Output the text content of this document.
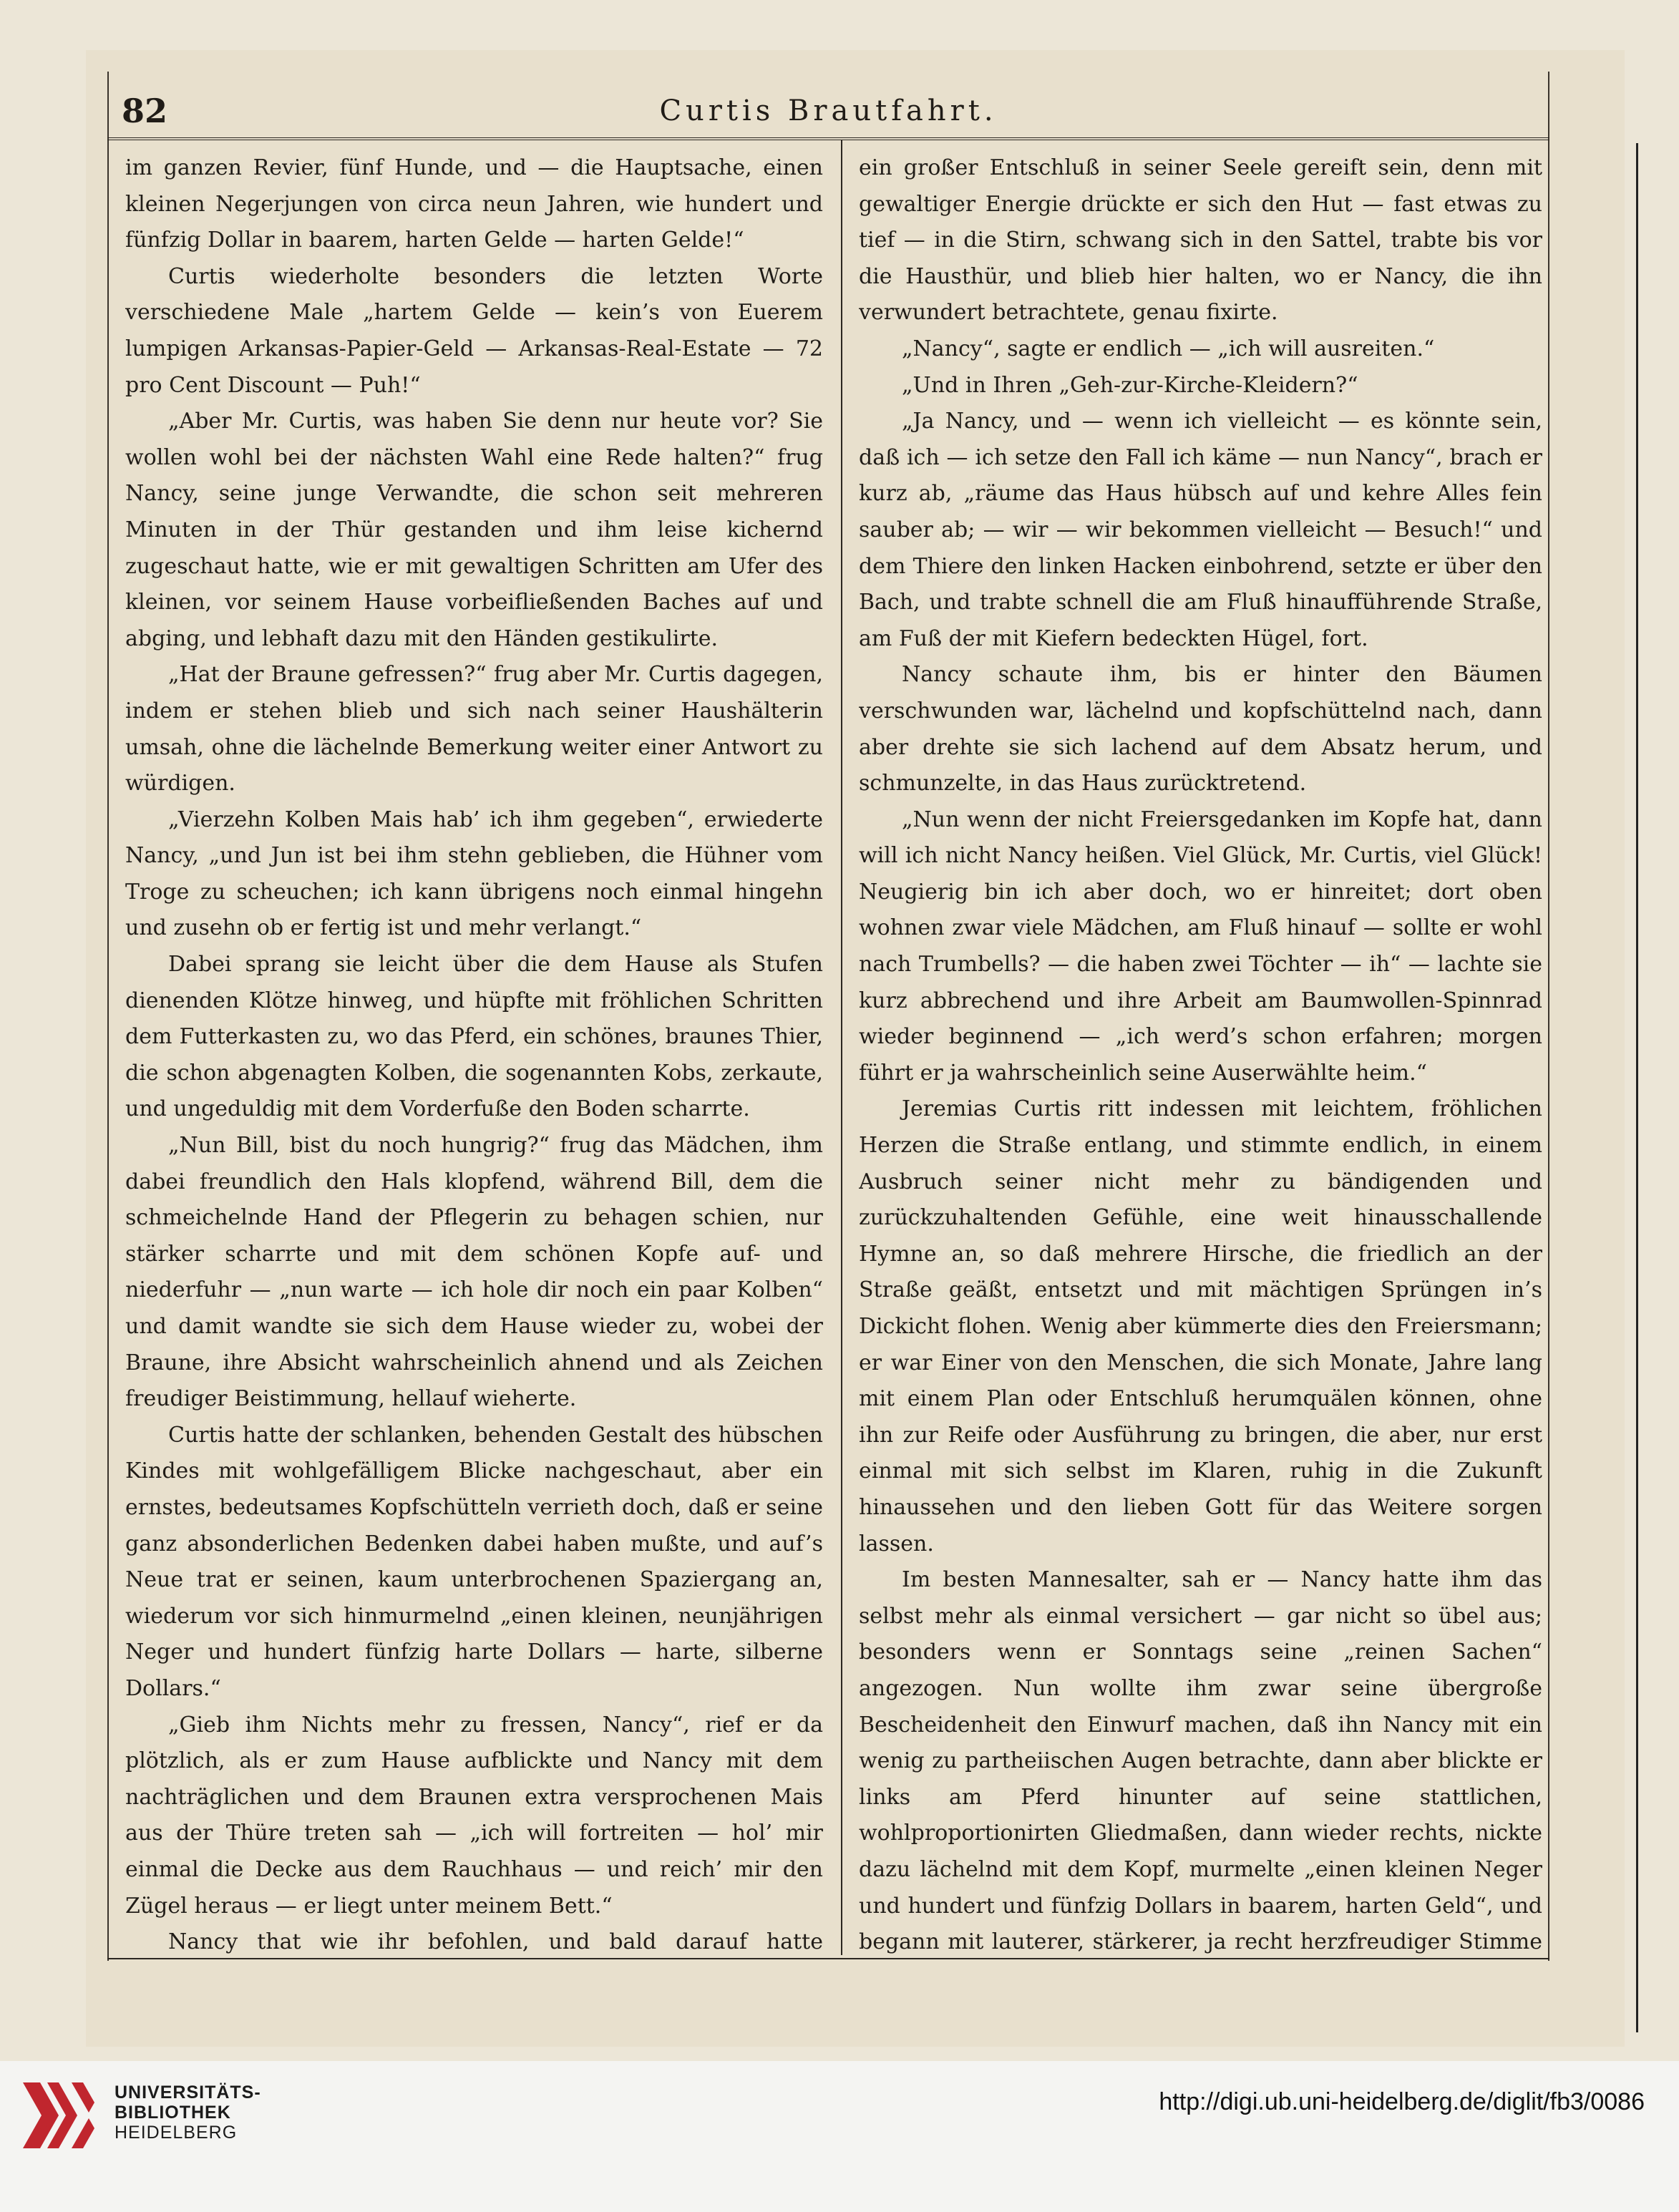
82	Curtis Brautfahrt.

im ganzen Revier, fünf Hunde, und — die Hauptsache, einen kleinen Negerjungen von circa neun Jahren, wie hundert und fünfzig Dollar in baarem, harten Gelde — harten Gelde!“

Curtis wiederholte besonders die letzten Worte verschiedene Male „hartem Gelde — kein’s von Euerem lumpigen Arkansas-Papier-Geld — Arkansas-Real-Estate — 72 pro Cent Discount — Puh!“

„Aber Mr. Curtis, was haben Sie denn nur heute vor? Sie wollen wohl bei der nächsten Wahl eine Rede halten?“ frug Nancy, seine junge Verwandte, die schon seit mehreren Minuten in der Thür gestanden und ihm leise kichernd zugeschaut hatte, wie er mit gewaltigen Schritten am Ufer des kleinen, vor seinem Hause vorbeifließenden Baches auf und abging, und lebhaft dazu mit den Händen gestikulirte.

„Hat der Braune gefressen?“ frug aber Mr. Curtis dagegen, indem er stehen blieb und sich nach seiner Haushälterin umsah, ohne die lächelnde Bemerkung weiter einer Antwort zu würdigen.

„Vierzehn Kolben Mais hab’ ich ihm gegeben“, erwiederte Nancy, „und Jun ist bei ihm stehn geblieben, die Hühner vom Troge zu scheuchen; ich kann übrigens noch einmal hingehn und zusehn ob er fertig ist und mehr verlangt.“

Dabei sprang sie leicht über die dem Hause als Stufen dienenden Klötze hinweg, und hüpfte mit fröhlichen Schritten dem Futterkasten zu, wo das Pferd, ein schönes, braunes Thier, die schon abgenagten Kolben, die sogenannten Kobs, zerkaute, und ungeduldig mit dem Vorderfuße den Boden scharrte.

„Nun Bill, bist du noch hungrig?“ frug das Mädchen, ihm dabei freundlich den Hals klopfend, während Bill, dem die schmeichelnde Hand der Pflegerin zu behagen schien, nur stärker scharrte und mit dem schönen Kopfe auf- und niederfuhr — „nun warte — ich hole dir noch ein paar Kolben“ und damit wandte sie sich dem Hause wieder zu, wobei der Braune, ihre Absicht wahrscheinlich ahnend und als Zeichen freudiger Beistimmung, hellauf wieherte.

Curtis hatte der schlanken, behenden Gestalt des hübschen Kindes mit wohlgefälligem Blicke nachgeschaut, aber ein ernstes, bedeutsames Kopfschütteln verrieth doch, daß er seine ganz absonderlichen Bedenken dabei haben mußte, und auf’s Neue trat er seinen, kaum unterbrochenen Spaziergang an, wiederum vor sich hinmurmelnd „einen kleinen, neunjährigen Neger und hundert fünfzig harte Dollars — harte, silberne Dollars.“

„Gieb ihm Nichts mehr zu fressen, Nancy“, rief er da plötzlich, als er zum Hause aufblickte und Nancy mit dem nachträglichen und dem Braunen extra versprochenen Mais aus der Thüre treten sah — „ich will fortreiten — hol’ mir einmal die Decke aus dem Rauchhaus — und reich’ mir den Zügel heraus — er liegt unter meinem Bett.“

Nancy that wie ihr befohlen, und bald darauf hatte

ein großer Entschluß in seiner Seele gereift sein, denn mit gewaltiger Energie drückte er sich den Hut — fast etwas zu tief — in die Stirn, schwang sich in den Sattel, trabte bis vor die Hausthür, und blieb hier halten, wo er Nancy, die ihn verwundert betrachtete, genau fixirte.

„Nancy“, sagte er endlich — „ich will ausreiten.“

„Und in Ihren „Geh-zur-Kirche-Kleidern?“

„Ja Nancy, und — wenn ich vielleicht — es könnte sein, daß ich — ich setze den Fall ich käme — nun Nancy“, brach er kurz ab, „räume das Haus hübsch auf und kehre Alles fein sauber ab; — wir — wir bekommen vielleicht — Besuch!“ und dem Thiere den linken Hacken einbohrend, setzte er über den Bach, und trabte schnell die am Fluß hinaufführende Straße, am Fuß der mit Kiefern bedeckten Hügel, fort.

Nancy schaute ihm, bis er hinter den Bäumen verschwunden war, lächelnd und kopfschüttelnd nach, dann aber drehte sie sich lachend auf dem Absatz herum, und schmunzelte, in das Haus zurücktretend.

„Nun wenn der nicht Freiersgedanken im Kopfe hat, dann will ich nicht Nancy heißen. Viel Glück, Mr. Curtis, viel Glück! Neugierig bin ich aber doch, wo er hinreitet; dort oben wohnen zwar viele Mädchen, am Fluß hinauf — sollte er wohl nach Trumbells? — die haben zwei Töchter — ih“ — lachte sie kurz abbrechend und ihre Arbeit am Baumwollen-Spinnrad wieder beginnend — „ich werd’s schon erfahren; morgen führt er ja wahrscheinlich seine Auserwählte heim.“

Jeremias Curtis ritt indessen mit leichtem, fröhlichen Herzen die Straße entlang, und stimmte endlich, in einem Ausbruch seiner nicht mehr zu bändigenden und zurückzuhaltenden Gefühle, eine weit hinausschallende Hymne an, so daß mehrere Hirsche, die friedlich an der Straße geäßt, entsetzt und mit mächtigen Sprüngen in’s Dickicht flohen. Wenig aber kümmerte dies den Freiersmann; er war Einer von den Menschen, die sich Monate, Jahre lang mit einem Plan oder Entschluß herumquälen können, ohne ihn zur Reife oder Ausführung zu bringen, die aber, nur erst einmal mit sich selbst im Klaren, ruhig in die Zukunft hinaussehen und den lieben Gott für das Weitere sorgen lassen.

Im besten Mannesalter, sah er — Nancy hatte ihm das selbst mehr als einmal versichert — gar nicht so übel aus; besonders wenn er Sonntags seine „reinen Sachen“ angezogen. Nun wollte ihm zwar seine übergroße Bescheidenheit den Einwurf machen, daß ihn Nancy mit ein wenig zu partheiischen Augen betrachte, dann aber blickte er links am Pferd hinunter auf seine stattlichen, wohlproportionirten Gliedmaßen, dann wieder rechts, nickte dazu lächelnd mit dem Kopf, murmelte „einen kleinen Neger und hundert und fünfzig Dollars in baarem, harten Geld“, und begann mit lauterer, stärkerer, ja recht herzfreudiger Stimme

UNIVERSITÄTS-
BIBLIOTHEK
HEIDELBERG
http://digi.ub.uni-heidelberg.de/diglit/fb3/0086
